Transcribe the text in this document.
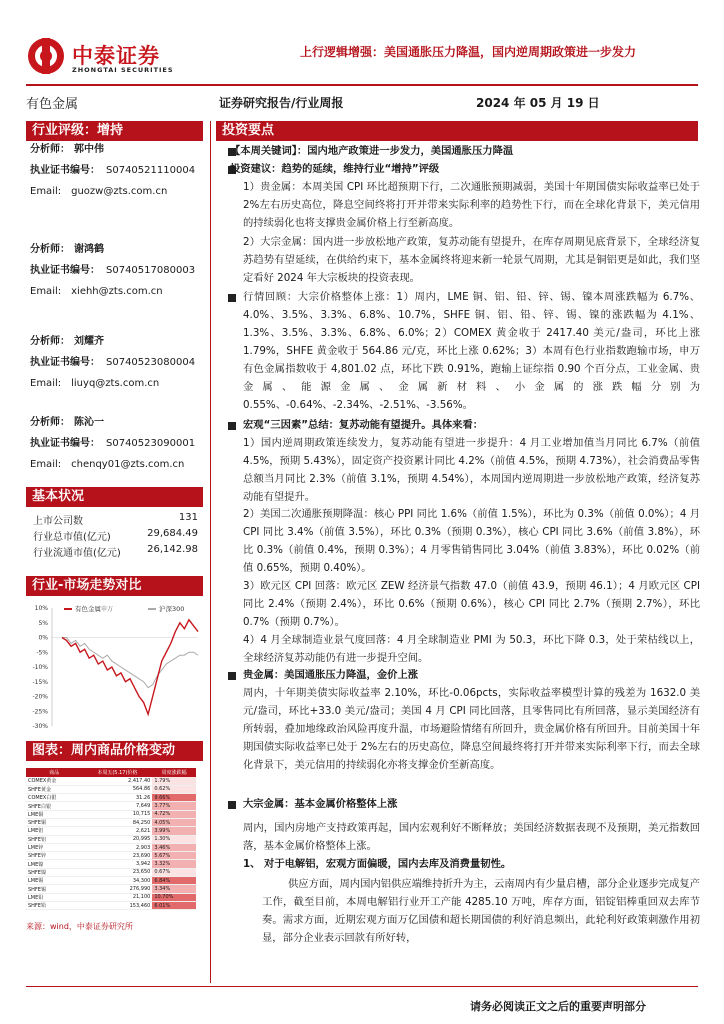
中泰证券
ZHONGTAI SECURITIES
上行逻辑增强：美国通胀压力降温，国内逆周期政策进一步发力
有色金属	证券研究报告/行业周报	2024 年 05 月 19 日
行业评级：增持
分析师： 郭中伟
执业证书编号： S0740521110004
Email: guozw@zts.com.cn
分析师： 谢鸿鹤
执业证书编号： S0740517080003
Email: xiehh@zts.com.cn
分析师： 刘耀齐
执业证书编号： S0740523080004
Email: liuyq@zts.com.cn
分析师： 陈沁一
执业证书编号： S0740523090001
Email: chenqy01@zts.com.cn
基本状况
上市公司数	131
行业总市值(亿元)	29,684.49
行业流通市值(亿元)	26,142.98
行业-市场走势对比
10%
5%
0%
-5%
-10%
-15%
-20%
-25%
-30%
有色金属	沪深300
申万
图表：周内商品价格变动
商品	本周五(5.17)价格	周度涨跌幅
COMEX黄金	2,417.40	1.79%
SHFE黄金	564.86	0.62%
COMEX白银	31.26	9.66%
SHFE白银	7,649	3.77%
LME铜	10,715	4.72%
SHFE铜	84,250	4.05%
LME铝	2,621	3.99%
SHFE铝	20,995	1.30%
LME锌	2,903	3.46%
SHFE锌	23,690	5.67%
LME镍	3,942	3.32%
SHFE镍	23,650	0.67%
LME锡	34,300	6.84%
SHFE锡	276,990	3.34%
LME铅	21,100	10.70%
SHFE铅	153,460	6.01%
来源：wind，中泰证券研究所
投资要点
【本周关键词】：国内地产政策进一步发力，美国通胀压力降温
投资建议：趋势的延续，维持行业“增持”评级
1）贵金属：本周美国 CPI 环比超预期下行，二次通胀预期减弱，美国十年期国债实际收益率已处于 2%左右历史高位，降息空间终将打开并带来实际利率的趋势性下行，而在全球化背景下，美元信用的持续弱化也将支撑贵金属价格上行至新高度。
2）大宗金属：国内进一步放松地产政策，复苏动能有望提升，在库存周期见底背景下，全球经济复苏趋势有望延续，在供给约束下，基本金属终将迎来新一轮景气周期，尤其是铜铝更是如此，我们坚定看好 2024 年大宗板块的投资表现。
行情回顾：大宗价格整体上涨：1）周内，LME 铜、铝、铅、锌、锡、镍本周涨跌幅为 6.7%、4.0%、3.5%、3.3%、6.8%、10.7%，SHFE 铜、铝、铅、锌、锡、镍的涨跌幅为 4.1%、1.3%、3.5%、3.3%、6.8%、6.0%；2）COMEX 黄金收于 2417.40 美元/盎司，环比上涨 1.79%，SHFE 黄金收于 564.86 元/克，环比上涨 0.62%；3）本周有色行业指数跑输市场，申万有色金属指数收于 4,801.02 点，环比下跌 0.91%，跑输上证综指 0.90 个百分点，工业金属、贵金属、能源金属、金属新材料、小金属的涨跌幅分别为 0.55%、-0.64%、-2.34%、-2.51%、-3.56%。
宏观“三因素”总结：复苏动能有望提升。具体来看：
1）国内逆周期政策连续发力，复苏动能有望进一步提升：4 月工业增加值当月同比 6.7%（前值 4.5%，预期 5.43%），固定资产投资累计同比 4.2%（前值 4.5%，预期 4.73%），社会消费品零售总额当月同比 2.3%（前值 3.1%，预期 4.54%），本周国内逆周期进一步放松地产政策，经济复苏动能有望提升。
2）美国二次通胀预期降温：核心 PPI 同比 1.6%（前值 1.5%），环比为 0.3%（前值 0.0%）；4 月 CPI 同比 3.4%（前值 3.5%），环比 0.3%（预期 0.3%），核心 CPI 同比 3.6%（前值 3.8%），环比 0.3%（前值 0.4%，预期 0.3%）；4 月零售销售同比 3.04%（前值 3.83%），环比 0.02%（前值 0.65%，预期 0.40%）。
3）欧元区 CPI 回落：欧元区 ZEW 经济景气指数 47.0（前值 43.9，预期 46.1）；4 月欧元区 CPI 同比 2.4%（预期 2.4%），环比 0.6%（预期 0.6%），核心 CPI 同比 2.7%（预期 2.7%），环比 0.7%（预期 0.7%）。
4）4 月全球制造业景气度回落：4 月全球制造业 PMI 为 50.3，环比下降 0.3，处于荣枯线以上，全球经济复苏动能仍有进一步提升空间。
贵金属：美国通胀压力降温，金价上涨
周内，十年期美债实际收益率 2.10%，环比-0.06pcts，实际收益率模型计算的残差为 1632.0 美元/盎司，环比+33.0 美元/盎司；美国 4 月 CPI 同比回落，且零售同比有所回落，显示美国经济有所转弱，叠加地缘政治风险再度升温，市场避险情绪有所回升，贵金属价格有所回升。目前美国十年期国债实际收益率已处于 2%左右的历史高位，降息空间最终将打开并带来实际利率下行，而去全球化背景下，美元信用的持续弱化亦将支撑金价至新高度。
大宗金属：基本金属价格整体上涨
周内，国内房地产支持政策再起，国内宏观利好不断释放；美国经济数据表现不及预期，美元指数回落，基本金属价格整体上涨。
1、 对于电解铝，宏观方面偏暖，国内去库及消费量韧性。
供应方面，周内国内铝供应端维持折升为主，云南周内有少量启槽，部分企业逐步完成复产工作，截至目前，本周电解铝行业开工产能 4285.10 万吨，库存方面，铝锭铝棒重回双去库节奏。需求方面，近期宏观方面万亿国债和超长期国债的利好消息频出，此轮利好政策刺激作用初显，部分企业表示回款有所好转，
请务必阅读正文之后的重要声明部分
